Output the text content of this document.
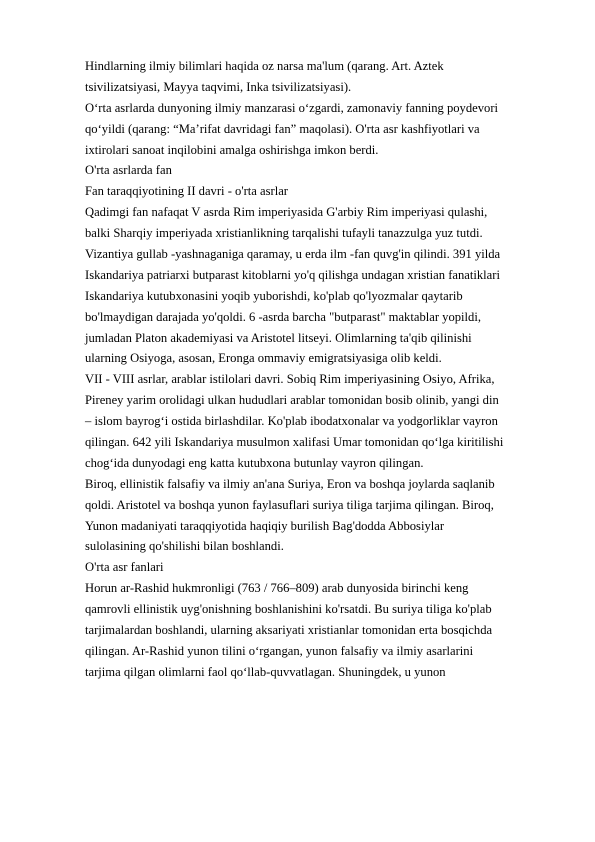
Hindlarning ilmiy bilimlari haqida oz narsa ma'lum (qarang. Art. Aztek
tsivilizatsiyasi, Mayya taqvimi, Inka tsivilizatsiyasi).
O‘rta asrlarda dunyoning ilmiy manzarasi o‘zgardi, zamonaviy fanning poydevori
qo‘yildi (qarang: “Ma’rifat davridagi fan” maqolasi). O'rta asr kashfiyotlari va
ixtirolari sanoat inqilobini amalga oshirishga imkon berdi.
O'rta asrlarda fan
Fan taraqqiyotining II davri - o'rta asrlar
Qadimgi fan nafaqat V asrda Rim imperiyasida G'arbiy Rim imperiyasi qulashi,
balki Sharqiy imperiyada xristianlikning tarqalishi tufayli tanazzulga yuz tutdi.
Vizantiya gullab -yashnaganiga qaramay, u erda ilm -fan quvg'in qilindi. 391 yilda
Iskandariya patriarxi butparast kitoblarni yo'q qilishga undagan xristian fanatiklari
Iskandariya kutubxonasini yoqib yuborishdi, ko'plab qo'lyozmalar qaytarib
bo'lmaydigan darajada yo'qoldi. 6 -asrda barcha "butparast" maktablar yopildi,
jumladan Platon akademiyasi va Aristotel litseyi. Olimlarning ta'qib qilinishi
ularning Osiyoga, asosan, Eronga ommaviy emigratsiyasiga olib keldi.
VII - VIII asrlar, arablar istilolari davri. Sobiq Rim imperiyasining Osiyo, Afrika,
Pireney yarim orolidagi ulkan hududlari arablar tomonidan bosib olinib, yangi din
– islom bayrog‘i ostida birlashdilar. Ko'plab ibodatxonalar va yodgorliklar vayron
qilingan. 642 yili Iskandariya musulmon xalifasi Umar tomonidan qo‘lga kiritilishi
chog‘ida dunyodagi eng katta kutubxona butunlay vayron qilingan.
Biroq, ellinistik falsafiy va ilmiy an'ana Suriya, Eron va boshqa joylarda saqlanib
qoldi. Aristotel va boshqa yunon faylasuflari suriya tiliga tarjima qilingan. Biroq,
Yunon madaniyati taraqqiyotida haqiqiy burilish Bag'dodda Abbosiylar
sulolasining qo'shilishi bilan boshlandi.
O'rta asr fanlari
Horun ar-Rashid hukmronligi (763 / 766–809) arab dunyosida birinchi keng
qamrovli ellinistik uyg'onishning boshlanishini ko'rsatdi. Bu suriya tiliga ko'plab
tarjimalardan boshlandi, ularning aksariyati xristianlar tomonidan erta bosqichda
qilingan. Ar-Rashid yunon tilini o‘rgangan, yunon falsafiy va ilmiy asarlarini
tarjima qilgan olimlarni faol qo‘llab-quvvatlagan. Shuningdek, u yunon
